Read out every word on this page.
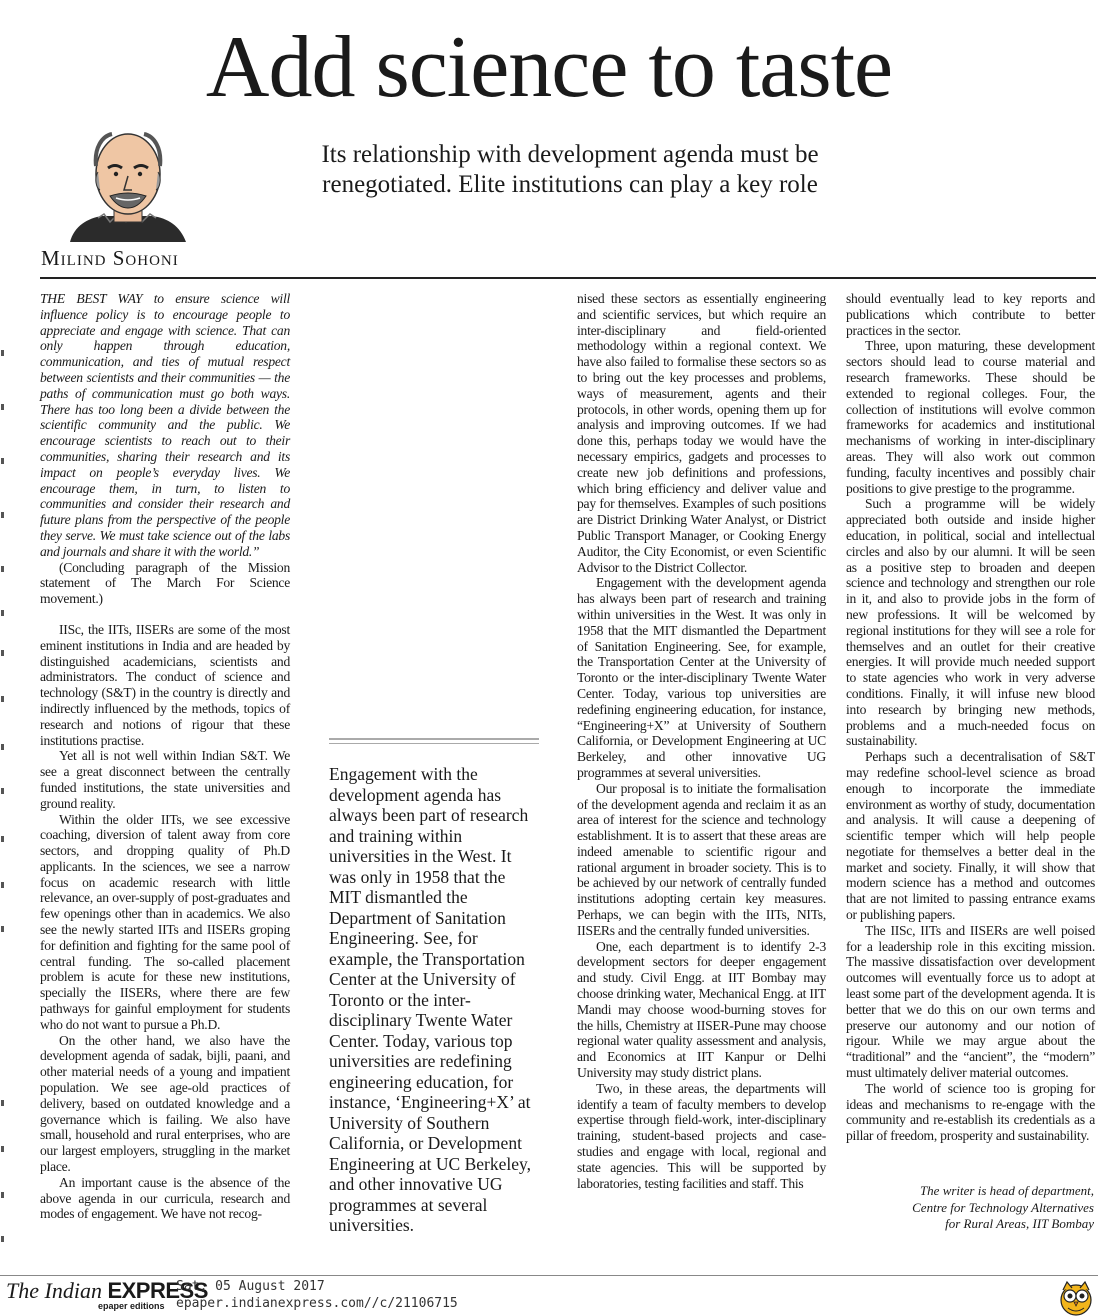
Add science to taste
Its relationship with development agenda must be renegotiated. Elite institutions can play a key role
Milind Sohoni

THE BEST WAY to ensure science will influence policy is to encourage people to appreciate and engage with science. That can only happen through education, communication, and ties of mutual respect between scientists and their communities — the paths of communication must go both ways. There has too long been a divide between the scientific community and the public. We encourage scientists to reach out to their communities, sharing their research and its impact on people’s everyday lives. We encourage them, in turn, to listen to communities and consider their research and future plans from the perspective of the people they serve. We must take science out of the labs and journals and share it with the world.”

(Concluding paragraph of the Mission statement of The March For Science movement.)

IISc, the IITs, IISERs are some of the most eminent institutions in India and are headed by distinguished academicians, scientists and administrators. The conduct of science and technology (S&T) in the country is directly and indirectly influenced by the methods, topics of research and notions of rigour that these institutions practise.

Yet all is not well within Indian S&T. We see a great disconnect between the centrally funded institutions, the state universities and ground reality.

Within the older IITs, we see excessive coaching, diversion of talent away from core sectors, and dropping quality of Ph.D applicants. In the sciences, we see a narrow focus on academic research with little relevance, an over-supply of post-graduates and few openings other than in academics. We also see the newly started IITs and IISERs groping for definition and fighting for the same pool of central funding. The so-called placement problem is acute for these new institutions, specially the IISERs, where there are few pathways for gainful employment for students who do not want to pursue a Ph.D.

On the other hand, we also have the development agenda of sadak, bijli, paani, and other material needs of a young and impatient population. We see age-old practices of delivery, based on outdated knowledge and a governance which is failing. We also have small, household and rural enterprises, who are our largest employers, struggling in the market place.

An important cause is the absence of the above agenda in our curricula, research and modes of engagement. We have not recog-

Engagement with the development agenda has always been part of research and training within universities in the West. It was only in 1958 that the MIT dismantled the Department of Sanitation Engineering. See, for example, the Transportation Center at the University of Toronto or the inter-disciplinary Twente Water Center. Today, various top universities are redefining engineering education, for instance, ‘Engineering+X’ at University of Southern California, or Development Engineering at UC Berkeley, and other innovative UG programmes at several universities.

nised these sectors as essentially engineering and scientific services, but which require an inter-disciplinary and field-oriented methodology within a regional context. We have also failed to formalise these sectors so as to bring out the key processes and problems, ways of measurement, agents and their protocols, in other words, opening them up for analysis and improving outcomes. If we had done this, perhaps today we would have the necessary empirics, gadgets and processes to create new job definitions and professions, which bring efficiency and deliver value and pay for themselves. Examples of such positions are District Drinking Water Analyst, or District Public Transport Manager, or Cooking Energy Auditor, the City Economist, or even Scientific Advisor to the District Collector.

Engagement with the development agenda has always been part of research and training within universities in the West. It was only in 1958 that the MIT dismantled the Department of Sanitation Engineering. See, for example, the Transportation Center at the University of Toronto or the inter-disciplinary Twente Water Center. Today, various top universities are redefining engineering education, for instance, “Engineering+X” at University of Southern California, or Development Engineering at UC Berkeley, and other innovative UG programmes at several universities.

Our proposal is to initiate the formalisation of the development agenda and reclaim it as an area of interest for the science and technology establishment. It is to assert that these areas are indeed amenable to scientific rigour and rational argument in broader society. This is to be achieved by our network of centrally funded institutions adopting certain key measures. Perhaps, we can begin with the IITs, NITs, IISERs and the centrally funded universities.

One, each department is to identify 2-3 development sectors for deeper engagement and study. Civil Engg. at IIT Bombay may choose drinking water, Mechanical Engg. at IIT Mandi may choose wood-burning stoves for the hills, Chemistry at IISER-Pune may choose regional water quality assessment and analysis, and Economics at IIT Kanpur or Delhi University may study district plans.

Two, in these areas, the departments will identify a team of faculty members to develop expertise through field-work, inter-disciplinary training, student-based projects and case-studies and engage with local, regional and state agencies. This will be supported by laboratories, testing facilities and staff. This

should eventually lead to key reports and publications which contribute to better practices in the sector.

Three, upon maturing, these development sectors should lead to course material and research frameworks. These should be extended to regional colleges. Four, the collection of institutions will evolve common frameworks for academics and institutional mechanisms of working in inter-disciplinary areas. They will also work out common funding, faculty incentives and possibly chair positions to give prestige to the programme.

Such a programme will be widely appreciated both outside and inside higher education, in political, social and intellectual circles and also by our alumni. It will be seen as a positive step to broaden and deepen science and technology and strengthen our role in it, and also to provide jobs in the form of new professions. It will be welcomed by regional institutions for they will see a role for themselves and an outlet for their creative energies. It will provide much needed support to state agencies who work in very adverse conditions. Finally, it will infuse new blood into research by bringing new methods, problems and a much-needed focus on sustainability.

Perhaps such a decentralisation of S&T may redefine school-level science as broad enough to incorporate the immediate environment as worthy of study, documentation and analysis. It will cause a deepening of scientific temper which will help people negotiate for themselves a better deal in the market and society. Finally, it will show that modern science has a method and outcomes that are not limited to passing entrance exams or publishing papers.

The IISc, IITs and IISERs are well poised for a leadership role in this exciting mission. The massive dissatisfaction over development outcomes will eventually force us to adopt at least some part of the development agenda. It is better that we do this on our own terms and preserve our autonomy and our notion of rigour. While we may argue about the “traditional” and the “ancient”, the “modern” must ultimately deliver material outcomes.

The world of science too is groping for ideas and mechanisms to re-engage with the community and re-establish its credentials as a pillar of freedom, prosperity and sustainability.

The writer is head of department,
Centre for Technology Alternatives
for Rural Areas, IIT Bombay
The Indian EXPRESS
epaper editions
Sat, 05 August 2017
epaper.indianexpress.com//c/21106715
